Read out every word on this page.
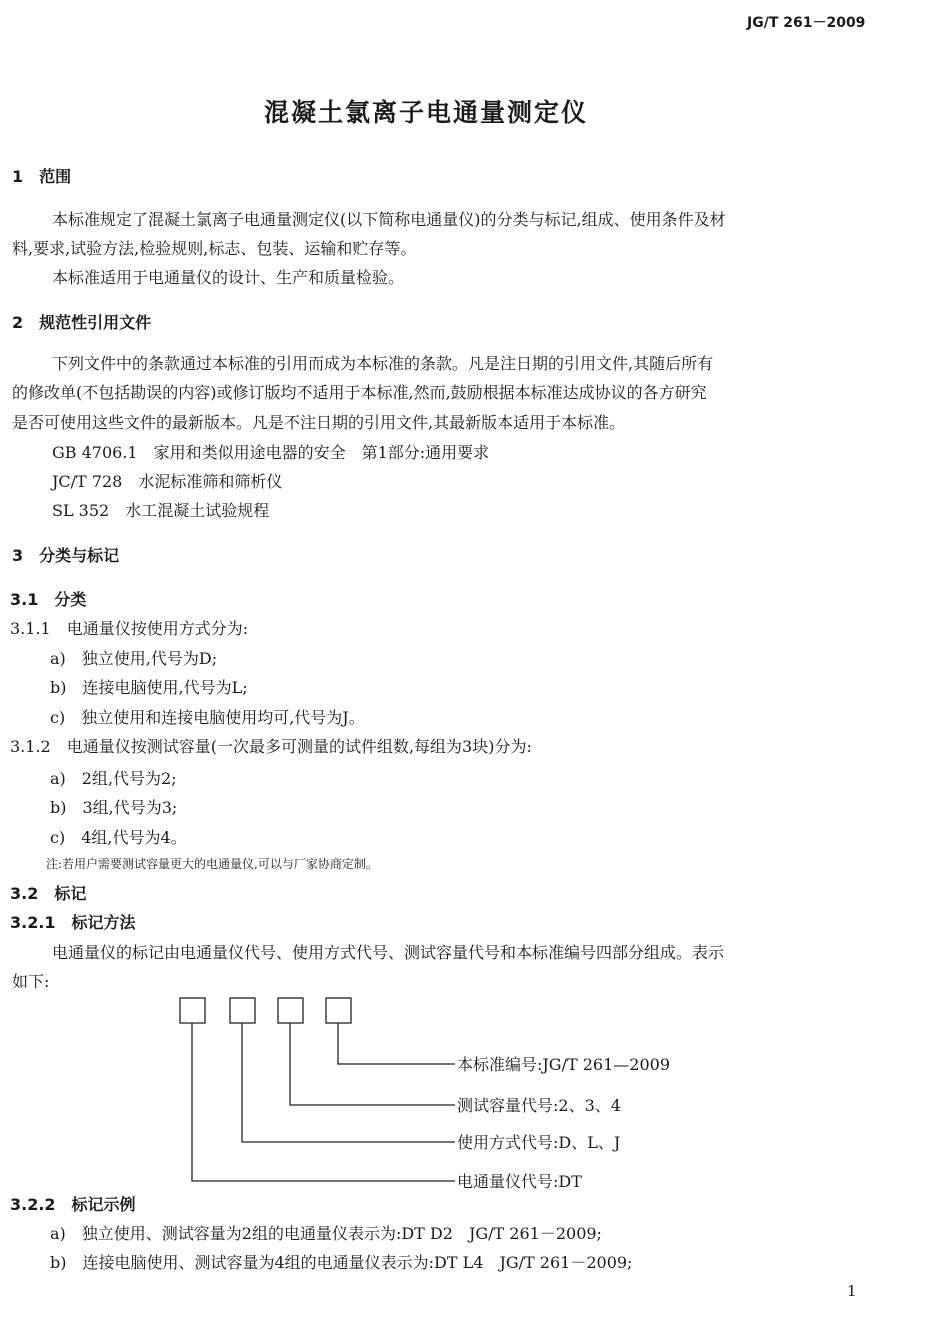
JG/T 261－2009
混凝土氯离子电通量测定仪
1　范围
本标准规定了混凝土氯离子电通量测定仪(以下简称电通量仪)的分类与标记,组成、使用条件及材
料,要求,试验方法,检验规则,标志、包装、运输和贮存等。
本标准适用于电通量仪的设计、生产和质量检验。
2　规范性引用文件
下列文件中的条款通过本标准的引用而成为本标准的条款。凡是注日期的引用文件,其随后所有
的修改单(不包括勘误的内容)或修订版均不适用于本标准,然而,鼓励根据本标准达成协议的各方研究
是否可使用这些文件的最新版本。凡是不注日期的引用文件,其最新版本适用于本标准。
GB 4706.1　家用和类似用途电器的安全　第1部分:通用要求
JC/T 728　水泥标准筛和筛析仪
SL 352　水工混凝土试验规程
3　分类与标记
3.1　分类
3.1.1　电通量仪按使用方式分为:
a)　独立使用,代号为D;
b)　连接电脑使用,代号为L;
c)　独立使用和连接电脑使用均可,代号为J。
3.1.2　电通量仪按测试容量(一次最多可测量的试件组数,每组为3块)分为:
a)　2组,代号为2;
b)　3组,代号为3;
c)　4组,代号为4。
注:若用户需要测试容量更大的电通量仪,可以与厂家协商定制。
3.2　标记
3.2.1　标记方法
电通量仪的标记由电通量仪代号、使用方式代号、测试容量代号和本标准编号四部分组成。表示
如下:
本标准编号:JG/T 261—2009
测试容量代号:2、3、4
使用方式代号:D、L、J
电通量仪代号:DT
3.2.2　标记示例
a)　独立使用、测试容量为2组的电通量仪表示为:DT D2　JG/T 261－2009;
b)　连接电脑使用、测试容量为4组的电通量仪表示为:DT L4　JG/T 261－2009;
1
